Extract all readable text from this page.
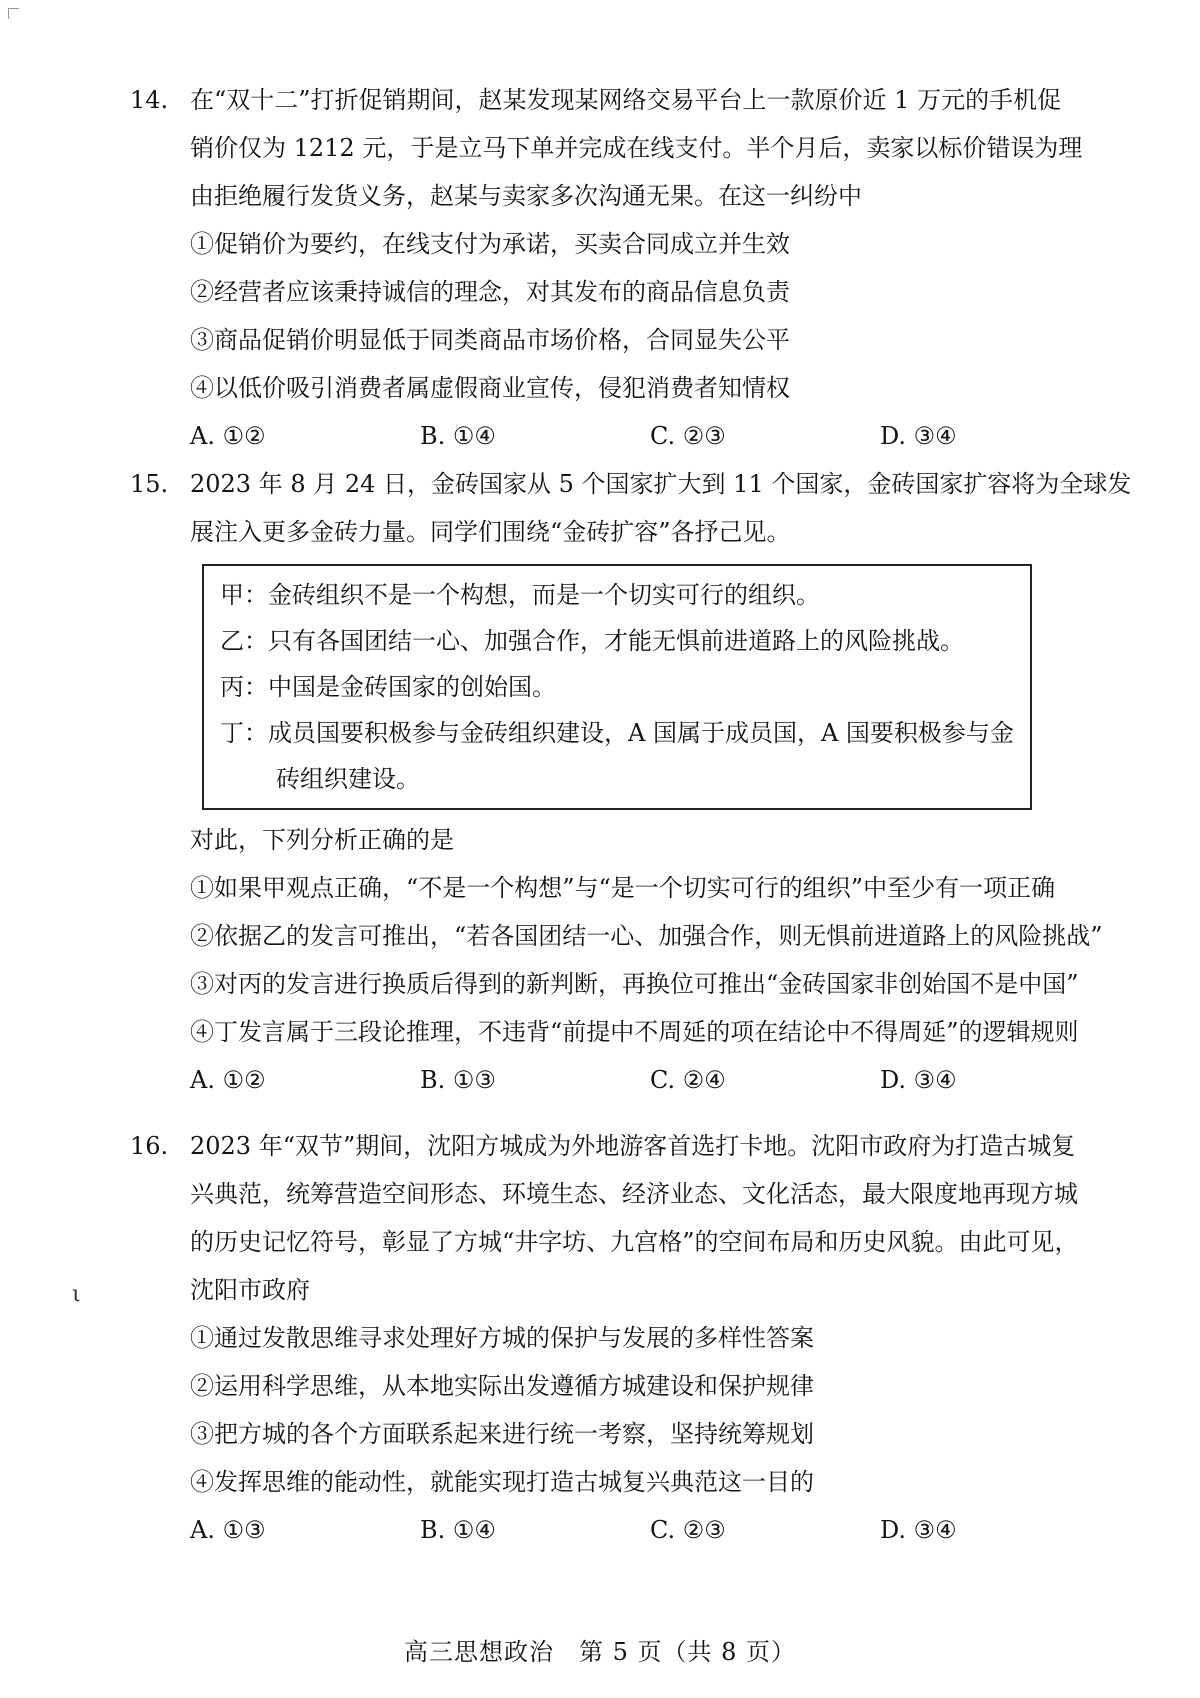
ι
14. 在“双十二”打折促销期间，赵某发现某网络交易平台上一款原价近 1 万元的手机促
销价仅为 1212 元，于是立马下单并完成在线支付。半个月后，卖家以标价错误为理
由拒绝履行发货义务，赵某与卖家多次沟通无果。在这一纠纷中
①促销价为要约，在线支付为承诺，买卖合同成立并生效
②经营者应该秉持诚信的理念，对其发布的商品信息负责
③商品促销价明显低于同类商品市场价格，合同显失公平
④以低价吸引消费者属虚假商业宣传，侵犯消费者知情权
A. ①②	B. ①④	C. ②③	D. ③④
15. 2023 年 8 月 24 日，金砖国家从 5 个国家扩大到 11 个国家，金砖国家扩容将为全球发
展注入更多金砖力量。同学们围绕“金砖扩容”各抒己见。
甲：金砖组织不是一个构想，而是一个切实可行的组织。
乙：只有各国团结一心、加强合作，才能无惧前进道路上的风险挑战。
丙：中国是金砖国家的创始国。
丁：成员国要积极参与金砖组织建设，A 国属于成员国，A 国要积极参与金
砖组织建设。
对此，下列分析正确的是
①如果甲观点正确，“不是一个构想”与“是一个切实可行的组织”中至少有一项正确
②依据乙的发言可推出，“若各国团结一心、加强合作，则无惧前进道路上的风险挑战”
③对丙的发言进行换质后得到的新判断，再换位可推出“金砖国家非创始国不是中国”
④丁发言属于三段论推理，不违背“前提中不周延的项在结论中不得周延”的逻辑规则
A. ①②	B. ①③	C. ②④	D. ③④
16. 2023 年“双节”期间，沈阳方城成为外地游客首选打卡地。沈阳市政府为打造古城复
兴典范，统筹营造空间形态、环境生态、经济业态、文化活态，最大限度地再现方城
的历史记忆符号，彰显了方城“井字坊、九宫格”的空间布局和历史风貌。由此可见，
沈阳市政府
①通过发散思维寻求处理好方城的保护与发展的多样性答案
②运用科学思维，从本地实际出发遵循方城建设和保护规律
③把方城的各个方面联系起来进行统一考察，坚持统筹规划
④发挥思维的能动性，就能实现打造古城复兴典范这一目的
A. ①③	B. ①④	C. ②③	D. ③④
高三思想政治　第 5 页（共 8 页）
